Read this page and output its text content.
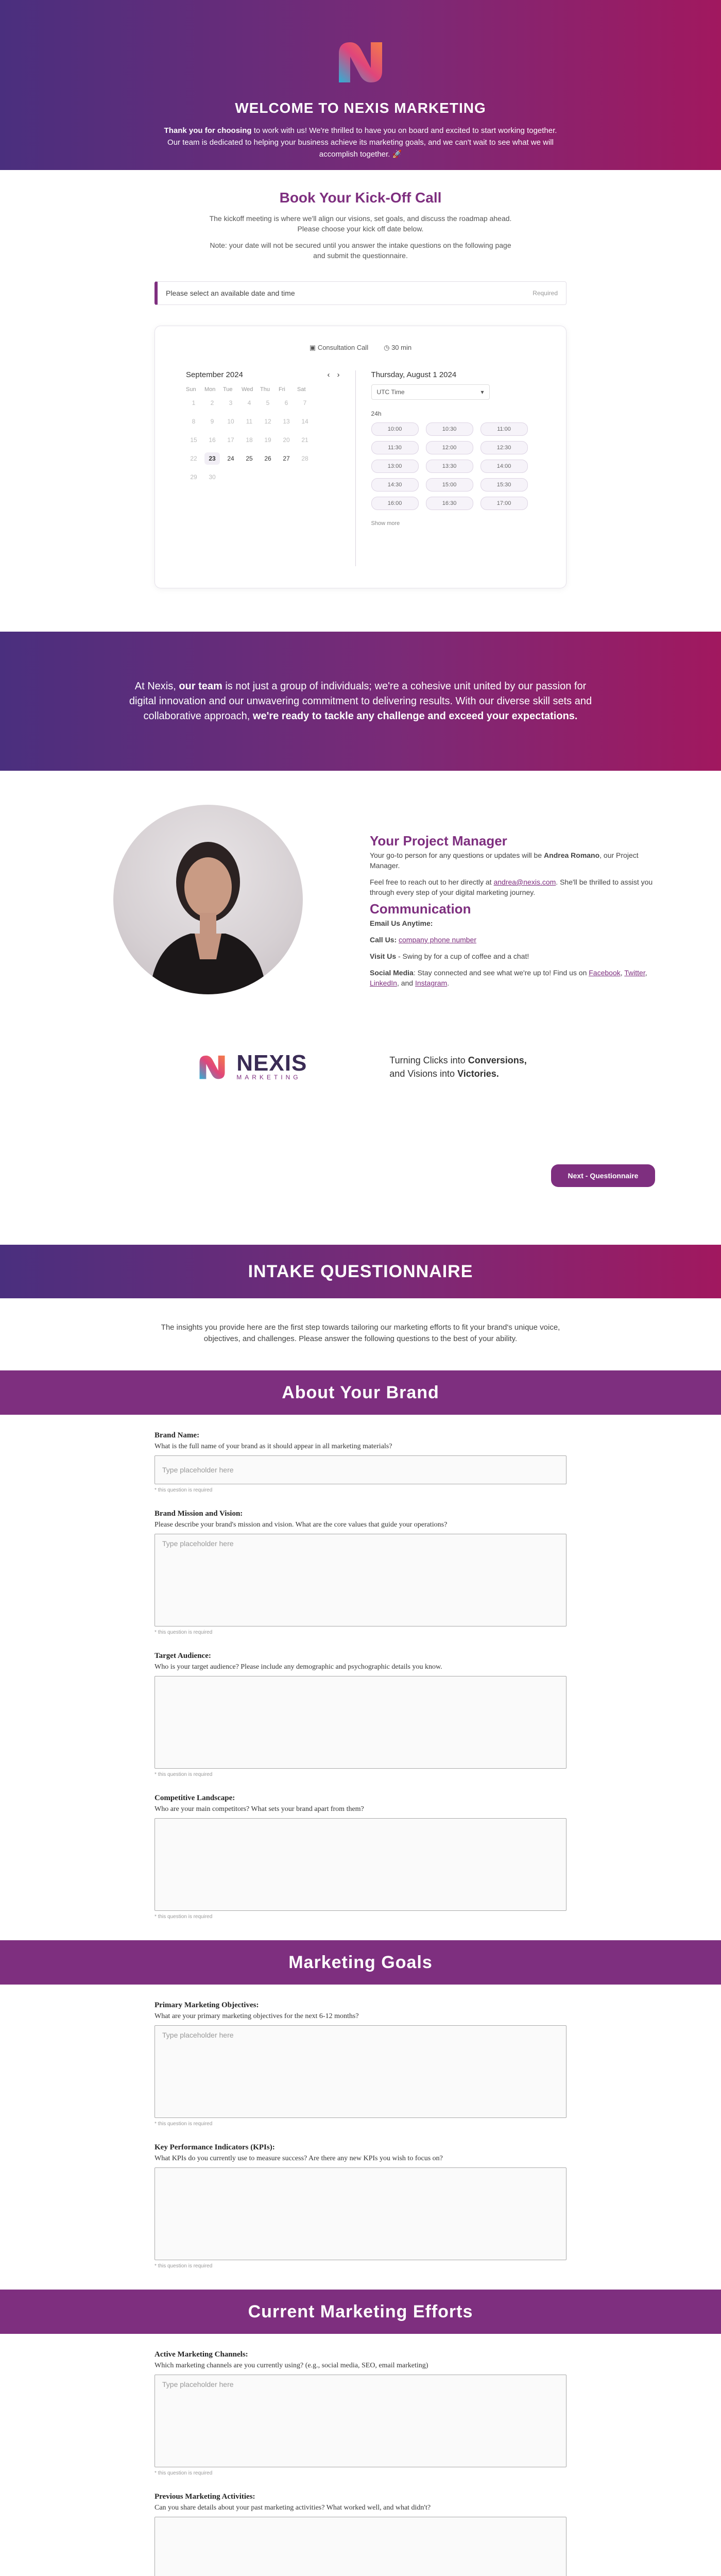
WELCOME TO NEXIS MARKETING

Thank you for choosing to work with us! We're thrilled to have you on board and excited to start working together. Our team is dedicated to helping your business achieve its marketing goals, and we can't wait to see what we will accomplish together. 🚀

Book Your Kick-Off Call

The kickoff meeting is where we'll align our visions, set goals, and discuss the roadmap ahead. Please choose your kick off date below.

Note: your date will not be secured until you answer the intake questions on the following page and submit the questionnaire.

Please select an available date and time	Required
▣ Consultation Call ◷ 30 min
September 2024	‹ ›
Sun	Mon	Tue	Wed	Thu	Fri	Sat
1	2	3	4	5	6	7
8	9	10	11	12	13	14
15	16	17	18	19	20	21
22	23	24	25	26	27	28
29	30
Thursday, August 1 2024
UTC Time	▾
24h
10:00	10:30	11:00
11:30	12:00	12:30
13:00	13:30	14:00
14:30	15:00	15:30
16:00	16:30	17:00
Show more

At Nexis, our team is not just a group of individuals; we're a cohesive unit united by our passion for digital innovation and our unwavering commitment to delivering results. With our diverse skill sets and collaborative approach, we're ready to tackle any challenge and exceed your expectations.

Your Project Manager

Your go-to person for any questions or updates will be Andrea Romano, our Project Manager.

Feel free to reach out to her directly at andrea@nexis.com. She'll be thrilled to assist you through every step of your digital marketing journey.

Communication

Email Us Anytime:

Call Us: company phone number

Visit Us - Swing by for a cup of coffee and a chat!

Social Media: Stay connected and see what we're up to! Find us on Facebook, Twitter, LinkedIn, and Instagram.

NEXIS
MARKETING
Turning Clicks into Conversions,
and Visions into Victories.
Next - Questionnaire
INTAKE QUESTIONNAIRE

The insights you provide here are the first step towards tailoring our marketing efforts to fit your brand's unique voice, objectives, and challenges. Please answer the following questions to the best of your ability.

About Your Brand
Brand Name:
What is the full name of your brand as it should appear in all marketing materials?
Type placeholder here
* this question is required
Brand Mission and Vision:
Please describe your brand's mission and vision. What are the core values that guide your operations?
Type placeholder here
* this question is required
Target Audience:
Who is your target audience? Please include any demographic and psychographic details you know.
* this question is required
Competitive Landscape:
Who are your main competitors? What sets your brand apart from them?
* this question is required
Marketing Goals
Primary Marketing Objectives:
What are your primary marketing objectives for the next 6-12 months?
Type placeholder here
* this question is required
Key Performance Indicators (KPIs):
What KPIs do you currently use to measure success? Are there any new KPIs you wish to focus on?
* this question is required
Current Marketing Efforts
Active Marketing Channels:
Which marketing channels are you currently using? (e.g., social media, SEO, email marketing)
Type placeholder here
* this question is required
Previous Marketing Activities:
Can you share details about your past marketing activities? What worked well, and what didn't?
